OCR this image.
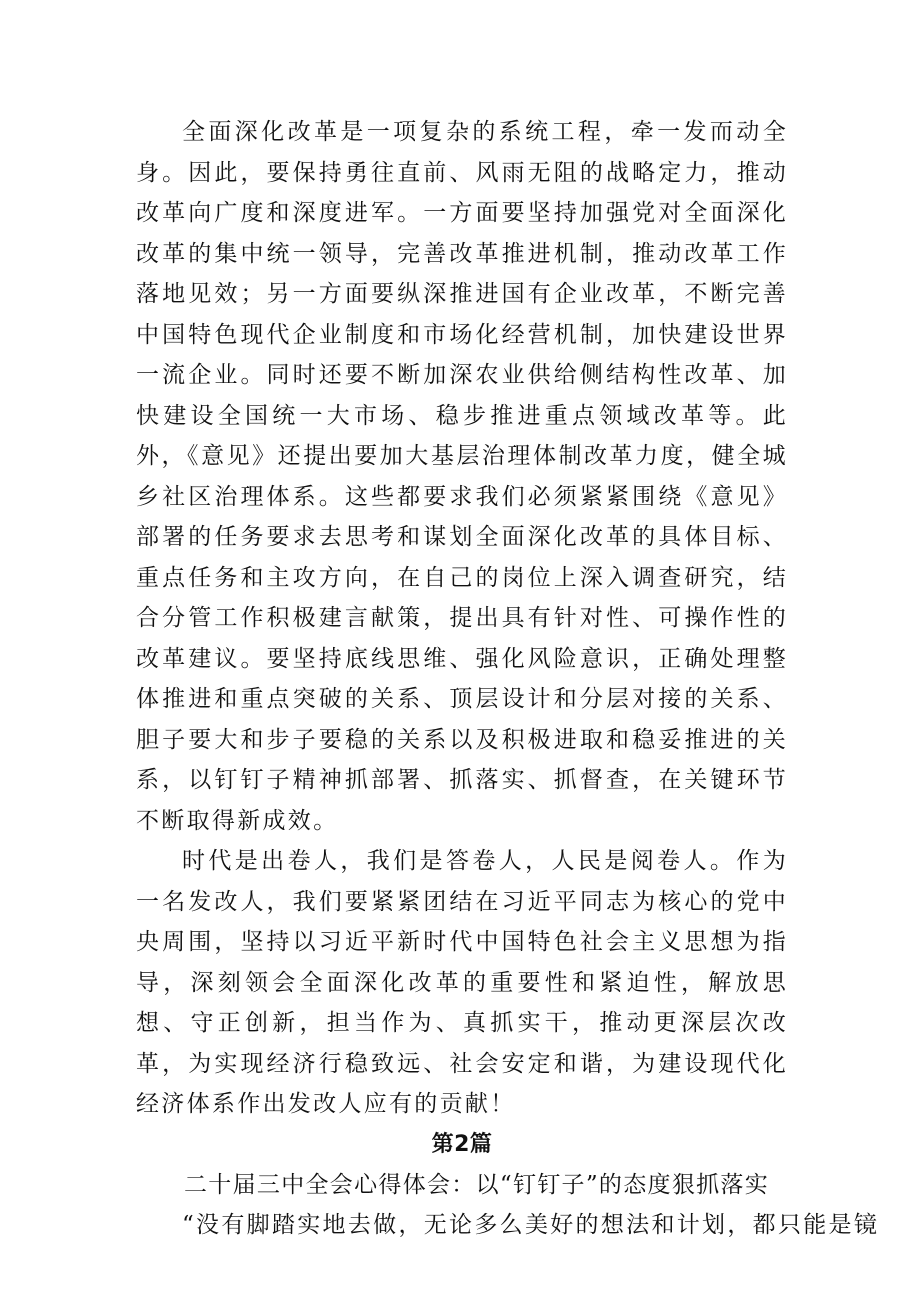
全面深化改革是一项复杂的系统工程，牵一发而动全身。因此，要保持勇往直前、风雨无阻的战略定力，推动改革向广度和深度进军。一方面要坚持加强党对全面深化改革的集中统一领导，完善改革推进机制，推动改革工作落地见效；另一方面要纵深推进国有企业改革，不断完善中国特色现代企业制度和市场化经营机制，加快建设世界一流企业。同时还要不断加深农业供给侧结构性改革、加快建设全国统一大市场、稳步推进重点领域改革等。此外，《意见》还提出要加大基层治理体制改革力度，健全城乡社区治理体系。这些都要求我们必须紧紧围绕《意见》部署的任务要求去思考和谋划全面深化改革的具体目标、重点任务和主攻方向，在自己的岗位上深入调查研究，结合分管工作积极建言献策，提出具有针对性、可操作性的改革建议。要坚持底线思维、强化风险意识，正确处理整体推进和重点突破的关系、顶层设计和分层对接的关系、胆子要大和步子要稳的关系以及积极进取和稳妥推进的关系，以钉钉子精神抓部署、抓落实、抓督查，在关键环节不断取得新成效。

时代是出卷人，我们是答卷人，人民是阅卷人。作为一名发改人，我们要紧紧团结在习近平同志为核心的党中央周围，坚持以习近平新时代中国特色社会主义思想为指导，深刻领会全面深化改革的重要性和紧迫性，解放思想、守正创新，担当作为、真抓实干，推动更深层次改革，为实现经济行稳致远、社会安定和谐，为建设现代化经济体系作出发改人应有的贡献！

第2篇

二十届三中全会心得体会：以“钉钉子”的态度狠抓落实

“没有脚踏实地去做，无论多么美好的想法和计划，都只能是镜
